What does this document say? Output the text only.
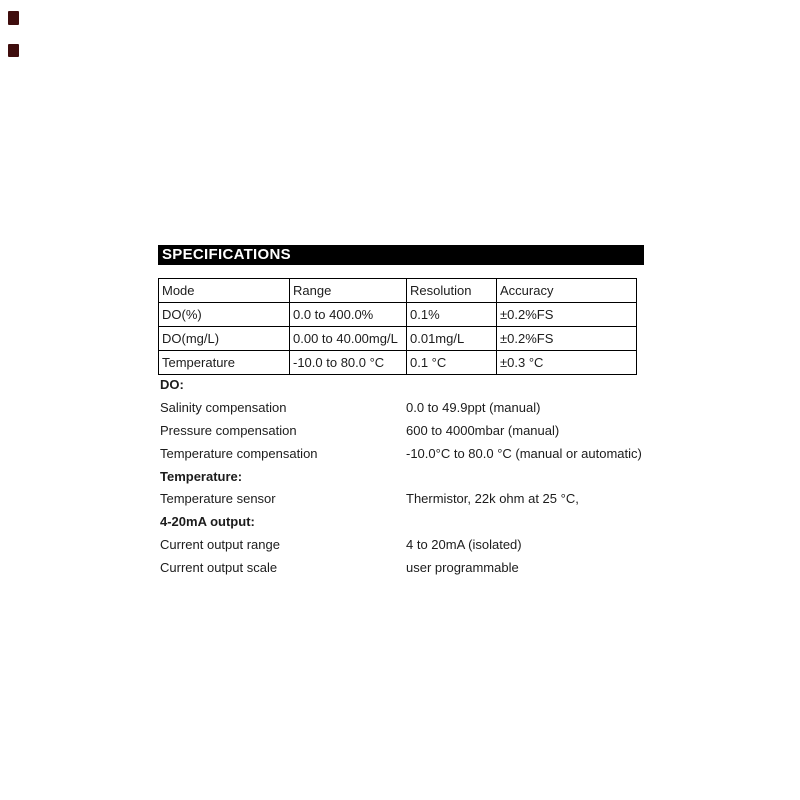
SPECIFICATIONS
Mode	Range	Resolution	Accuracy
DO(%)	0.0 to 400.0%	0.1%	±0.2%FS
DO(mg/L)	0.00 to 40.00mg/L	0.01mg/L	±0.2%FS
Temperature	-10.0 to 80.0 °C	0.1 °C	±0.3 °C
DO:
Salinity compensation	0.0 to 49.9ppt (manual)
Pressure compensation	600 to 4000mbar (manual)
Temperature compensation	-10.0°C to 80.0 °C (manual or automatic)
Temperature:
Temperature sensor	Thermistor, 22k ohm at 25 °C,
4-20mA output:
Current output range	4 to 20mA (isolated)
Current output scale	user programmable
